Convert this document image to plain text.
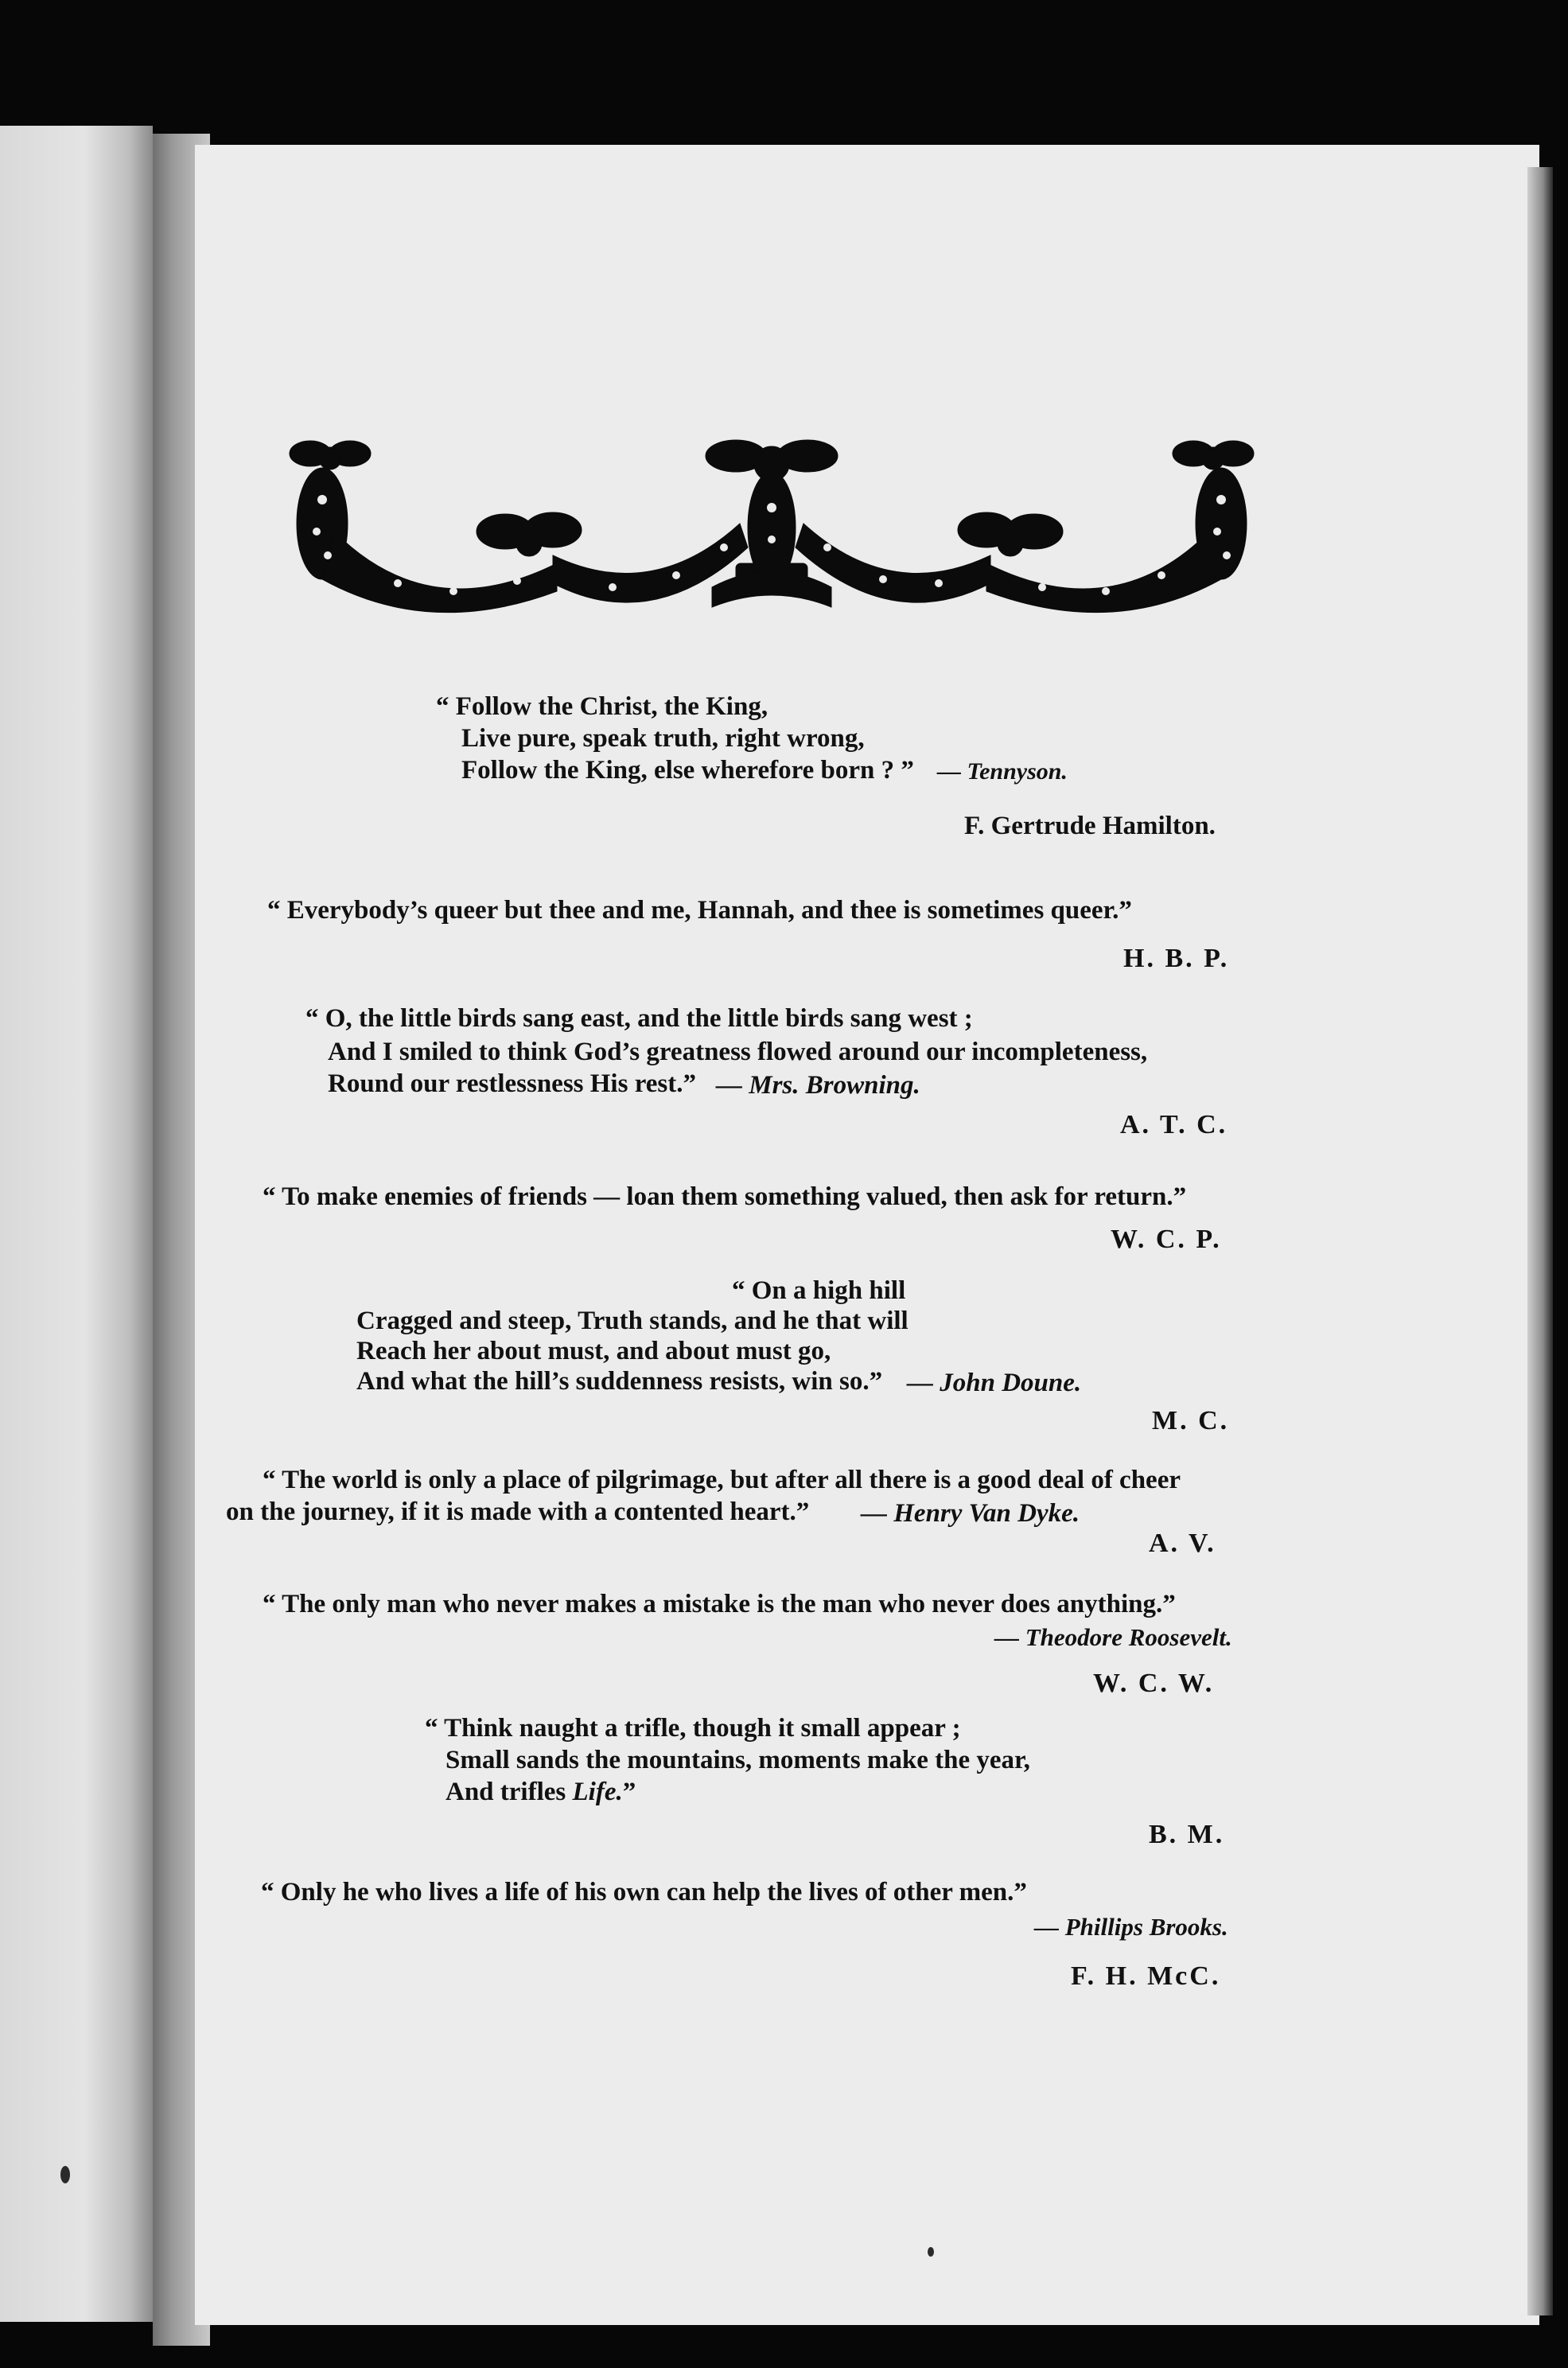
“ Follow the Christ, the King,

Live pure, speak truth, right wrong,

Follow the King, else wherefore born ? ” — Tennyson.

F. Gertrude Hamilton.

“ Everybody’s queer but thee and me, Hannah, and thee is sometimes queer.”

H. B. P.

“ O, the little birds sang east, and the little birds sang west ;

And I smiled to think God’s greatness flowed around our incompleteness,

Round our restlessness His rest.” — Mrs. Browning.

A. T. C.

“ To make enemies of friends — loan them something valued, then ask for return.”

W. C. P.

“ On a high hill

Cragged and steep, Truth stands, and he that will

Reach her about must, and about must go,

And what the hill’s suddenness resists, win so.” — John Doune.

M. C.

“ The world is only a place of pilgrimage, but after all there is a good deal of cheer

on the journey, if it is made with a contented heart.” — Henry Van Dyke.

A. V.

“ The only man who never makes a mistake is the man who never does anything.”

— Theodore Roosevelt.

W. C. W.

“ Think naught a trifle, though it small appear ;

Small sands the mountains, moments make the year,

And trifles Life.”

B. M.

“ Only he who lives a life of his own can help the lives of other men.”

— Phillips Brooks.

F. H. McC.
